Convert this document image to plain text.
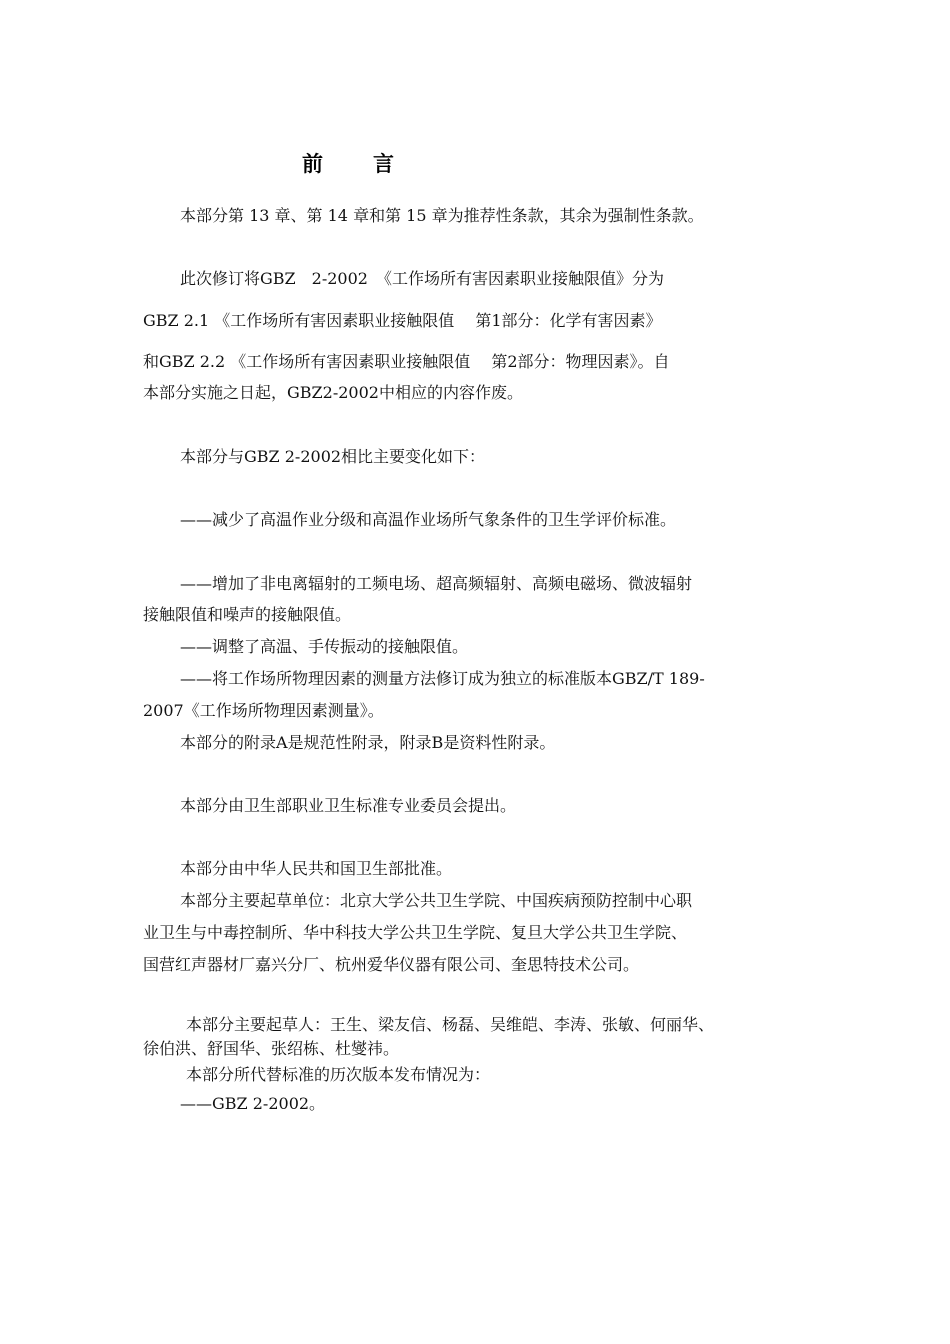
前言
本部分第 13 章、第 14 章和第 15 章为推荐性条款，其余为强制性条款。
此次修订将GBZ　2-2002　《工作场所有害因素职业接触限值》分为
GBZ 2.1 《工作场所有害因素职业接触限值　 第1部分：化学有害因素》
和GBZ 2.2 《工作场所有害因素职业接触限值　 第2部分：物理因素》。自
本部分实施之日起，GBZ2-2002中相应的内容作废。
本部分与GBZ 2-2002相比主要变化如下：
——减少了高温作业分级和高温作业场所气象条件的卫生学评价标准。
——增加了非电离辐射的工频电场、超高频辐射、高频电磁场、微波辐射
接触限值和噪声的接触限值。
——调整了高温、手传振动的接触限值。
——将工作场所物理因素的测量方法修订成为独立的标准版本GBZ/T 189-
2007《工作场所物理因素测量》。
本部分的附录A是规范性附录，附录B是资料性附录。
本部分由卫生部职业卫生标准专业委员会提出。
本部分由中华人民共和国卫生部批准。
本部分主要起草单位：北京大学公共卫生学院、中国疾病预防控制中心职
业卫生与中毒控制所、华中科技大学公共卫生学院、复旦大学公共卫生学院、
国营红声器材厂嘉兴分厂、杭州爱华仪器有限公司、奎思特技术公司。
本部分主要起草人：王生、梁友信、杨磊、吴维皑、李涛、张敏、何丽华、
徐伯洪、舒国华、张绍栋、杜燮祎。
本部分所代替标准的历次版本发布情况为：
——GBZ 2-2002。
